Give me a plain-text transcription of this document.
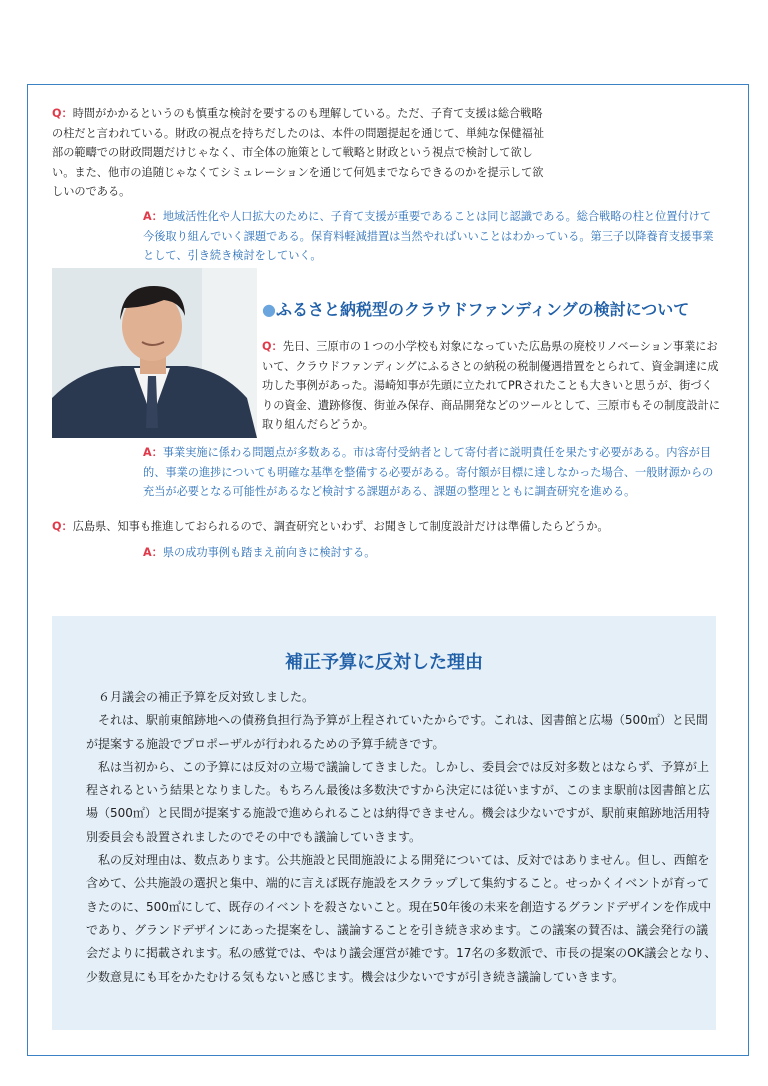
Q：時間がかかるというのも慎重な検討を要するのも理解している。ただ、子育て支援は総合戦略の柱だと言われている。財政の視点を持ちだしたのは、本件の問題提起を通じて、単純な保健福祉部の範疇での財政問題だけじゃなく、市全体の施策として戦略と財政という視点で検討して欲しい。また、他市の追随じゃなくてシミュレーションを通じて何処までならできるのかを提示して欲しいのである。

A：地域活性化や人口拡大のために、子育て支援が重要であることは同じ認識である。総合戦略の柱と位置付けて今後取り組んでいく課題である。保育料軽減措置は当然やればいいことはわかっている。第三子以降養育支援事業として、引き続き検討をしていく。

●ふるさと納税型のクラウドファンディングの検討について

Q：先日、三原市の１つの小学校も対象になっていた広島県の廃校リノベーション事業において、クラウドファンディングにふるさとの納税の税制優遇措置をとられて、資金調達に成功した事例があった。湯崎知事が先頭に立たれてPRされたことも大きいと思うが、街づくりの資金、遺跡修復、街並み保存、商品開発などのツールとして、三原市もその制度設計に取り組んだらどうか。

A：事業実施に係わる問題点が多数ある。市は寄付受納者として寄付者に説明責任を果たす必要がある。内容が目的、事業の進捗についても明確な基準を整備する必要がある。寄付額が目標に達しなかった場合、一般財源からの充当が必要となる可能性があるなど検討する課題がある、課題の整理とともに調査研究を進める。

Q：広島県、知事も推進しておられるので、調査研究といわず、お聞きして制度設計だけは準備したらどうか。

A：県の成功事例も踏まえ前向きに検討する。

補正予算に反対した理由

６月議会の補正予算を反対致しました。

それは、駅前東館跡地への債務負担行為予算が上程されていたからです。これは、図書館と広場（500㎡）と民間が提案する施設でプロポーザルが行われるための予算手続きです。

私は当初から、この予算には反対の立場で議論してきました。しかし、委員会では反対多数とはならず、予算が上程されるという結果となりました。もちろん最後は多数決ですから決定には従いますが、このまま駅前は図書館と広場（500㎡）と民間が提案する施設で進められることは納得できません。機会は少ないですが、駅前東館跡地活用特別委員会も設置されましたのでその中でも議論していきます。

私の反対理由は、数点あります。公共施設と民間施設による開発については、反対ではありません。但し、西館を含めて、公共施設の選択と集中、端的に言えば既存施設をスクラップして集約すること。せっかくイベントが育ってきたのに、500㎡にして、既存のイベントを殺さないこと。現在50年後の未来を創造するグランドデザインを作成中であり、グランドデザインにあった提案をし、議論することを引き続き求めます。この議案の賛否は、議会発行の議会だよりに掲載されます。私の感覚では、やはり議会運営が雑です。17名の多数派で、市長の提案のOK議会となり、少数意見にも耳をかたむける気もないと感じます。機会は少ないですが引き続き議論していきます。
